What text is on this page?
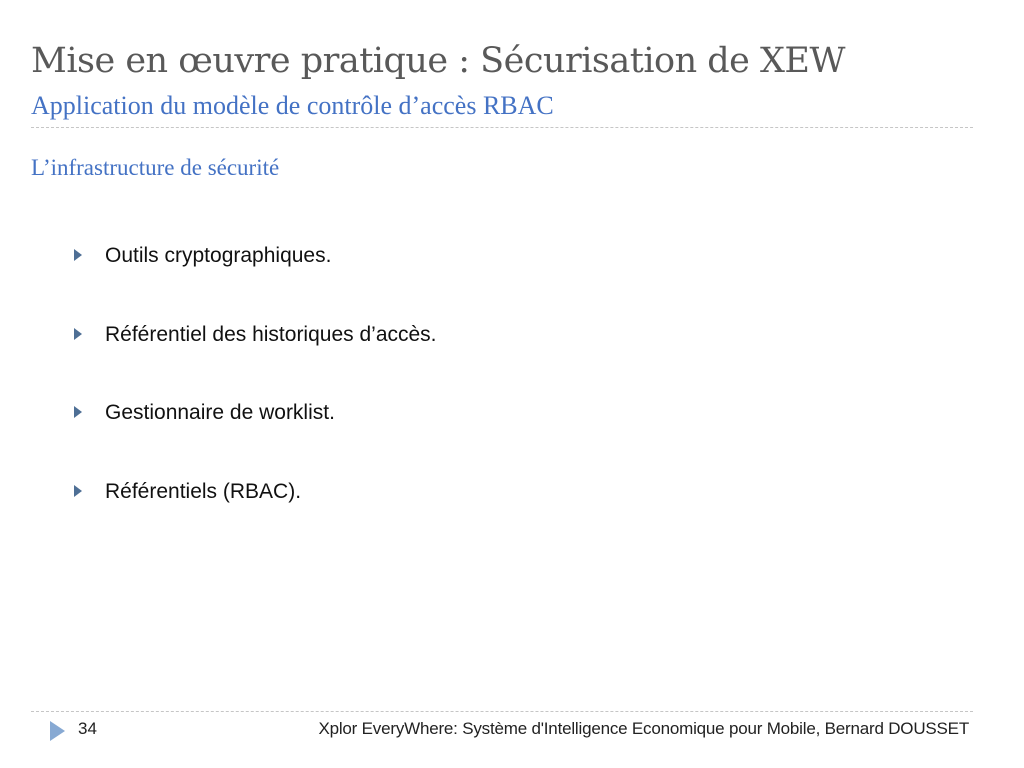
Mise en œuvre pratique : Sécurisation de XEW
Application du modèle de contrôle d’accès RBAC
L’infrastructure de sécurité
Outils cryptographiques.
Référentiel des historiques d’accès.
Gestionnaire de worklist.
Référentiels (RBAC).
34	Xplor EveryWhere: Système d'Intelligence Economique pour Mobile, Bernard DOUSSET
